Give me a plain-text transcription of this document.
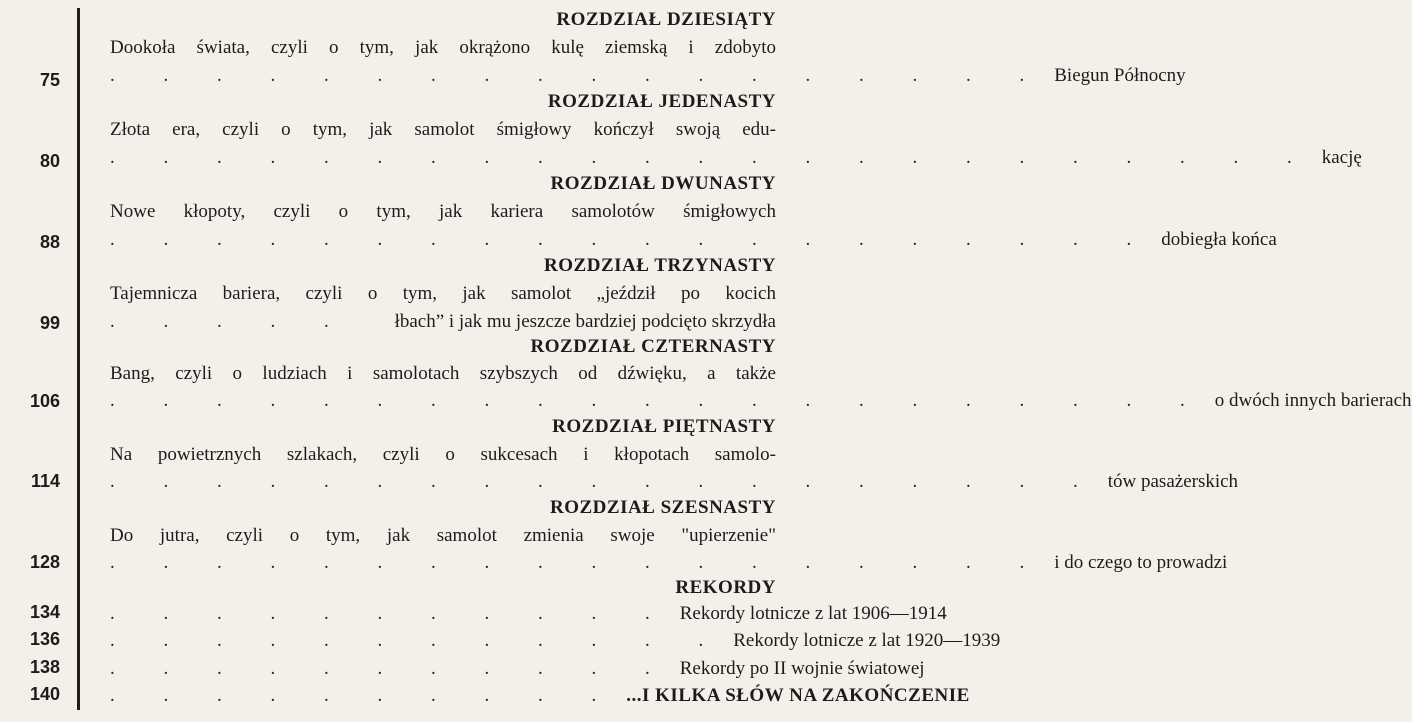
75
80
88
99
106
114
128
134
136
138
140
ROZDZIAŁ DZIESIĄTY
Dookoła świata, czyli o tym, jak okrążono kulę ziemską i zdobyto
. . . . . . . . . . . . . . . . . . Biegun Północny
ROZDZIAŁ JEDENASTY
Złota era, czyli o tym, jak samolot śmigłowy kończył swoją edu-
. . . . . . . . . . . . . . . . . . . . . . . kację
ROZDZIAŁ DWUNASTY
Nowe kłopoty, czyli o tym, jak kariera samolotów śmigłowych
. . . . . . . . . . . . . . . . . . . . dobiegła końca
ROZDZIAŁ TRZYNASTY
Tajemnicza bariera, czyli o tym, jak samolot „jeździł po kocich
. . . . .	łbach” i jak mu jeszcze bardziej podcięto skrzydła
ROZDZIAŁ CZTERNASTY
Bang, czyli o ludziach i samolotach szybszych od dźwięku, a także
. . . . . . . . . . . . . . . . . . . . . o dwóch innych barierach
ROZDZIAŁ PIĘTNASTY
Na powietrznych szlakach, czyli o sukcesach i kłopotach samolo-
. . . . . . . . . . . . . . . . . . . tów pasażerskich
ROZDZIAŁ SZESNASTY
Do jutra, czyli o tym, jak samolot zmienia swoje "upierzenie"
. . . . . . . . . . . . . . . . . . i do czego to prowadzi
REKORDY
. . . . . . . . . . . Rekordy lotnicze z lat 1906—1914
. . . . . . . . . . . . Rekordy lotnicze z lat 1920—1939
. . . . . . . . . . . Rekordy po II wojnie światowej
. . . . . . . . . . ...I KILKA SŁÓW NA ZAKOŃCZENIE
